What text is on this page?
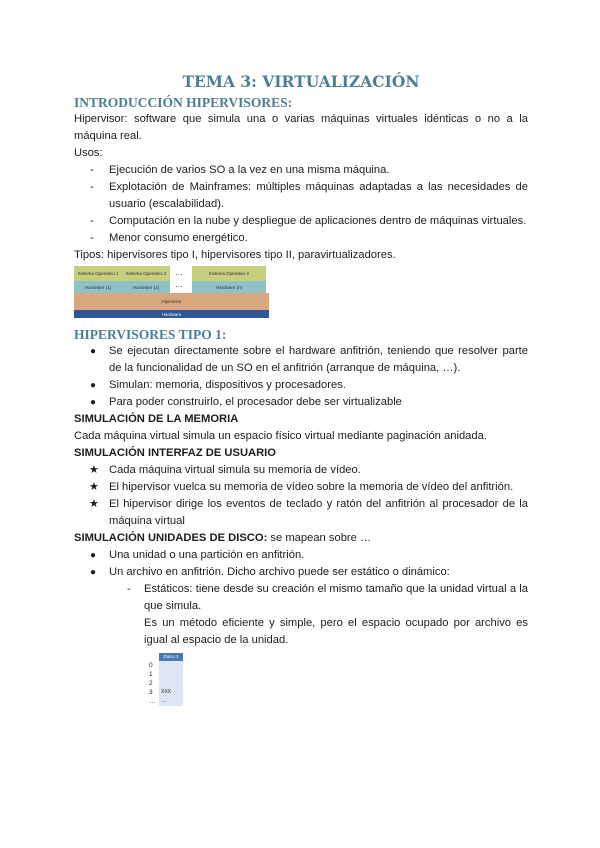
TEMA 3: VIRTUALIZACIÓN
INTRODUCCIÓN HIPERVISORES:

Hipervisor: software que simula una o varias máquinas virtuales idénticas o no a la máquina real.

Usos:

- Ejecución de varios SO a la vez en una misma máquina.
- Explotación de Mainframes: múltiples máquinas adaptadas a las necesidades de usuario (escalabilidad).
- Computación en la nube y despliegue de aplicaciones dentro de máquinas virtuales.
- Menor consumo energético.

Tipos: hipervisores tipo I, hipervisores tipo II, paravirtualizadores.

Sistema Operativo 1	Sistema Operativo 2	…	Sistema Operativo n
Hardware (1)	Hardware (2)	…	Hardware (n)
Hipervisor
Hardware
HIPERVISORES TIPO 1:
● Se ejecutan directamente sobre el hardware anfitrión, teniendo que resolver parte de la funcionalidad de un SO en el anfitrión (arranque de máquina, …).
● Simulan: memoria, dispositivos y procesadores.
● Para poder construirlo, el procesador debe ser virtualizable

SIMULACIÓN DE LA MEMORIA

Cada máquina virtual simula un espacio físico virtual mediante paginación anidada.

SIMULACIÓN INTERFAZ DE USUARIO

★ Cada máquina virtual simula su memoria de vídeo.
★ El hipervisor vuelca su memoria de vídeo sobre la memoria de vídeo del anfitrión.
★ El hipervisor dirige los eventos de teclado y ratón del anfitrión al procesador de la máquina virtual

SIMULACIÓN UNIDADES DE DISCO: se mapean sobre …

● Una unidad o una partición en anfitrión.
● Un archivo en anfitrión. Dicho archivo puede ser estático o dinámico:
- Estáticos: tiene desde su creación el mismo tamaño que la unidad virtual a la que simula.

Es un método eficiente y simple, pero el espacio ocupado por archivo es igual al espacio de la unidad.

Disco 1
0
1
2
3	XXX
…	…
